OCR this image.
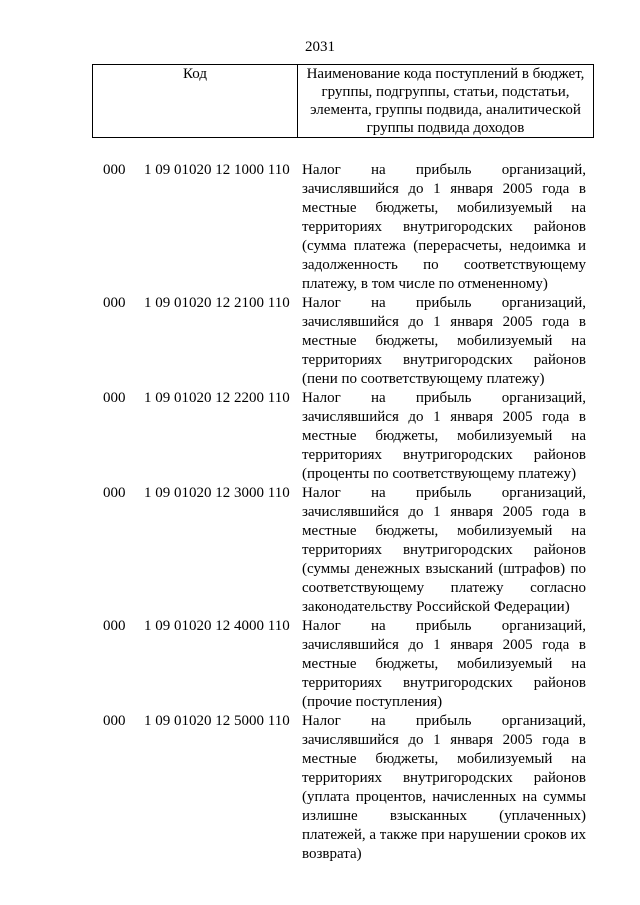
2031
Код	Наименование кода поступлений в бюджет, группы, подгруппы, статьи, подстатьи, элемента, группы подвида, аналитической группы подвида доходов
000 1 09 01020 12 1000 110 Налог на прибыль организаций, зачислявшийся до 1 января 2005 года в местные бюджеты, мобилизуемый на территориях внутригородских районов (сумма платежа (перерасчеты, недоимка и задолженность по соответствующему платежу, в том числе по отмененному)
000 1 09 01020 12 2100 110 Налог на прибыль организаций, зачислявшийся до 1 января 2005 года в местные бюджеты, мобилизуемый на территориях внутригородских районов (пени по соответствующему платежу)
000 1 09 01020 12 2200 110 Налог на прибыль организаций, зачислявшийся до 1 января 2005 года в местные бюджеты, мобилизуемый на территориях внутригородских районов (проценты по соответствующему платежу)
000 1 09 01020 12 3000 110 Налог на прибыль организаций, зачислявшийся до 1 января 2005 года в местные бюджеты, мобилизуемый на территориях внутригородских районов (суммы денежных взысканий (штрафов) по соответствующему платежу согласно законодательству Российской Федерации)
000 1 09 01020 12 4000 110 Налог на прибыль организаций, зачислявшийся до 1 января 2005 года в местные бюджеты, мобилизуемый на территориях внутригородских районов (прочие поступления)
000 1 09 01020 12 5000 110 Налог на прибыль организаций, зачислявшийся до 1 января 2005 года в местные бюджеты, мобилизуемый на территориях внутригородских районов (уплата процентов, начисленных на суммы излишне взысканных (уплаченных) платежей, а также при нарушении сроков их возврата)
